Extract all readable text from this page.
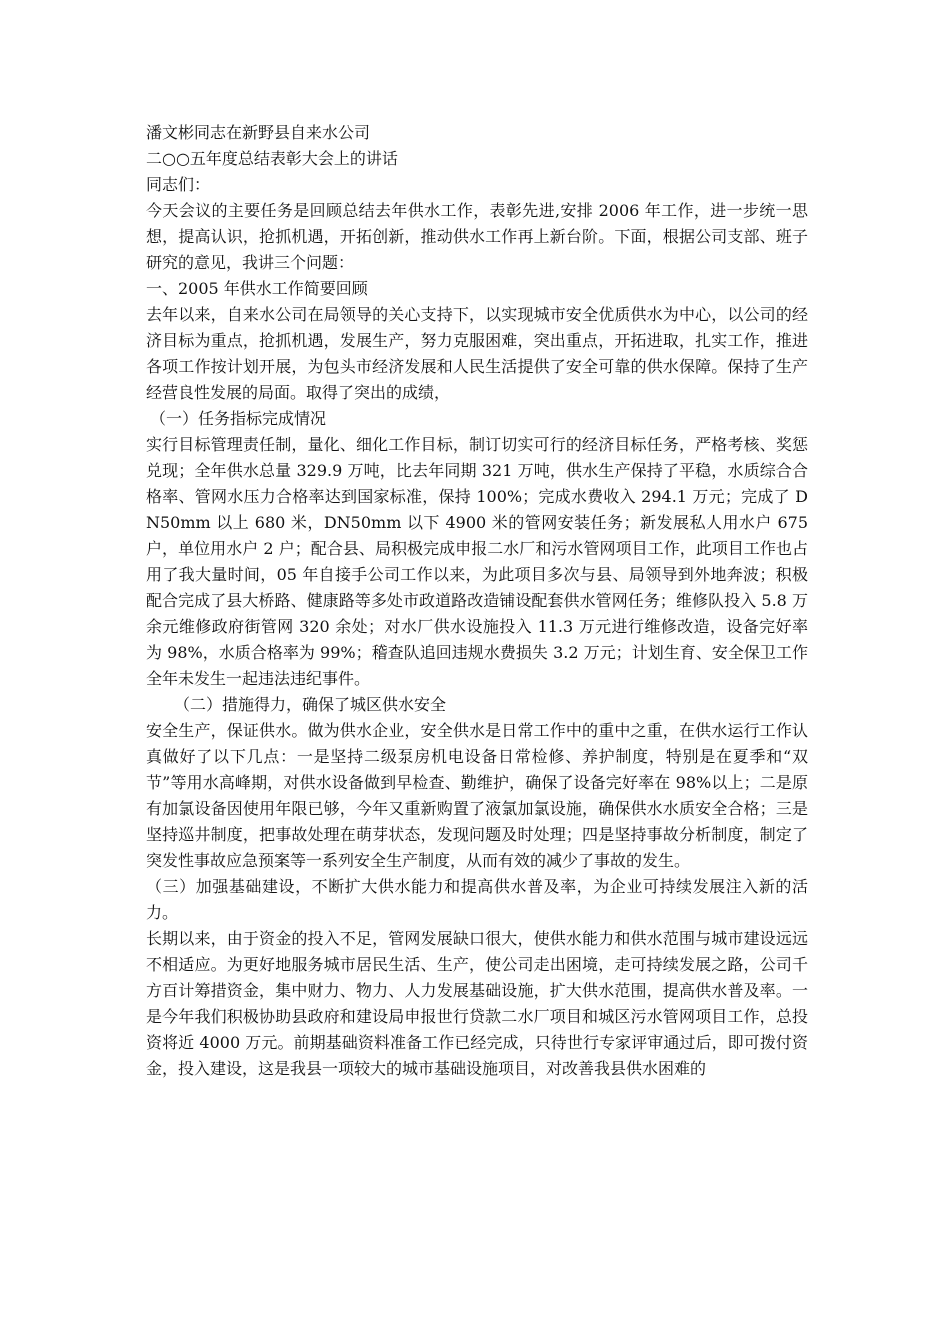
潘文彬同志在新野县自来水公司

二○○五年度总结表彰大会上的讲话

同志们：

今天会议的主要任务是回顾总结去年供水工作，表彰先进,安排 2006 年工作，进一步统一思想，提高认识，抢抓机遇，开拓创新，推动供水工作再上新台阶。下面，根据公司支部、班子研究的意见，我讲三个问题：

一、2005 年供水工作简要回顾

去年以来，自来水公司在局领导的关心支持下，以实现城市安全优质供水为中心，以公司的经济目标为重点，抢抓机遇，发展生产，努力克服困难，突出重点，开拓进取，扎实工作，推进各项工作按计划开展，为包头市经济发展和人民生活提供了安全可靠的供水保障。保持了生产经营良性发展的局面。取得了突出的成绩，

（一）任务指标完成情况

实行目标管理责任制，量化、细化工作目标，制订切实可行的经济目标任务，严格考核、奖惩兑现；全年供水总量 329.9 万吨，比去年同期 321 万吨，供水生产保持了平稳，水质综合合格率、管网水压力合格率达到国家标准，保持 100%；完成水费收入 294.1 万元；完成了 DN50mm 以上 680 米，DN50mm 以下 4900 米的管网安装任务；新发展私人用水户 675 户，单位用水户 2 户；配合县、局积极完成申报二水厂和污水管网项目工作，此项目工作也占用了我大量时间，05 年自接手公司工作以来，为此项目多次与县、局领导到外地奔波；积极配合完成了县大桥路、健康路等多处市政道路改造铺设配套供水管网任务；维修队投入 5.8 万余元维修政府街管网 320 余处；对水厂供水设施投入 11.3 万元进行维修改造，设备完好率为 98%，水质合格率为 99%；稽查队追回违规水费损失 3.2 万元；计划生育、安全保卫工作全年未发生一起违法违纪事件。

（二）措施得力，确保了城区供水安全

安全生产，保证供水。做为供水企业，安全供水是日常工作中的重中之重，在供水运行工作认真做好了以下几点：一是坚持二级泵房机电设备日常检修、养护制度，特别是在夏季和“双节”等用水高峰期，对供水设备做到早检查、勤维护，确保了设备完好率在 98%以上；二是原有加氯设备因使用年限已够，今年又重新购置了液氯加氯设施，确保供水水质安全合格；三是坚持巡井制度，把事故处理在萌芽状态，发现问题及时处理；四是坚持事故分析制度，制定了突发性事故应急预案等一系列安全生产制度，从而有效的减少了事故的发生。

（三）加强基础建设，不断扩大供水能力和提高供水普及率，为企业可持续发展注入新的活力。

长期以来，由于资金的投入不足，管网发展缺口很大，使供水能力和供水范围与城市建设远远不相适应。为更好地服务城市居民生活、生产，使公司走出困境，走可持续发展之路，公司千方百计筹措资金，集中财力、物力、人力发展基础设施，扩大供水范围，提高供水普及率。一是今年我们积极协助县政府和建设局申报世行贷款二水厂项目和城区污水管网项目工作，总投资将近 4000 万元。前期基础资料准备工作已经完成，只待世行专家评审通过后，即可拨付资金，投入建设，这是我县一项较大的城市基础设施项目，对改善我县供水困难的
